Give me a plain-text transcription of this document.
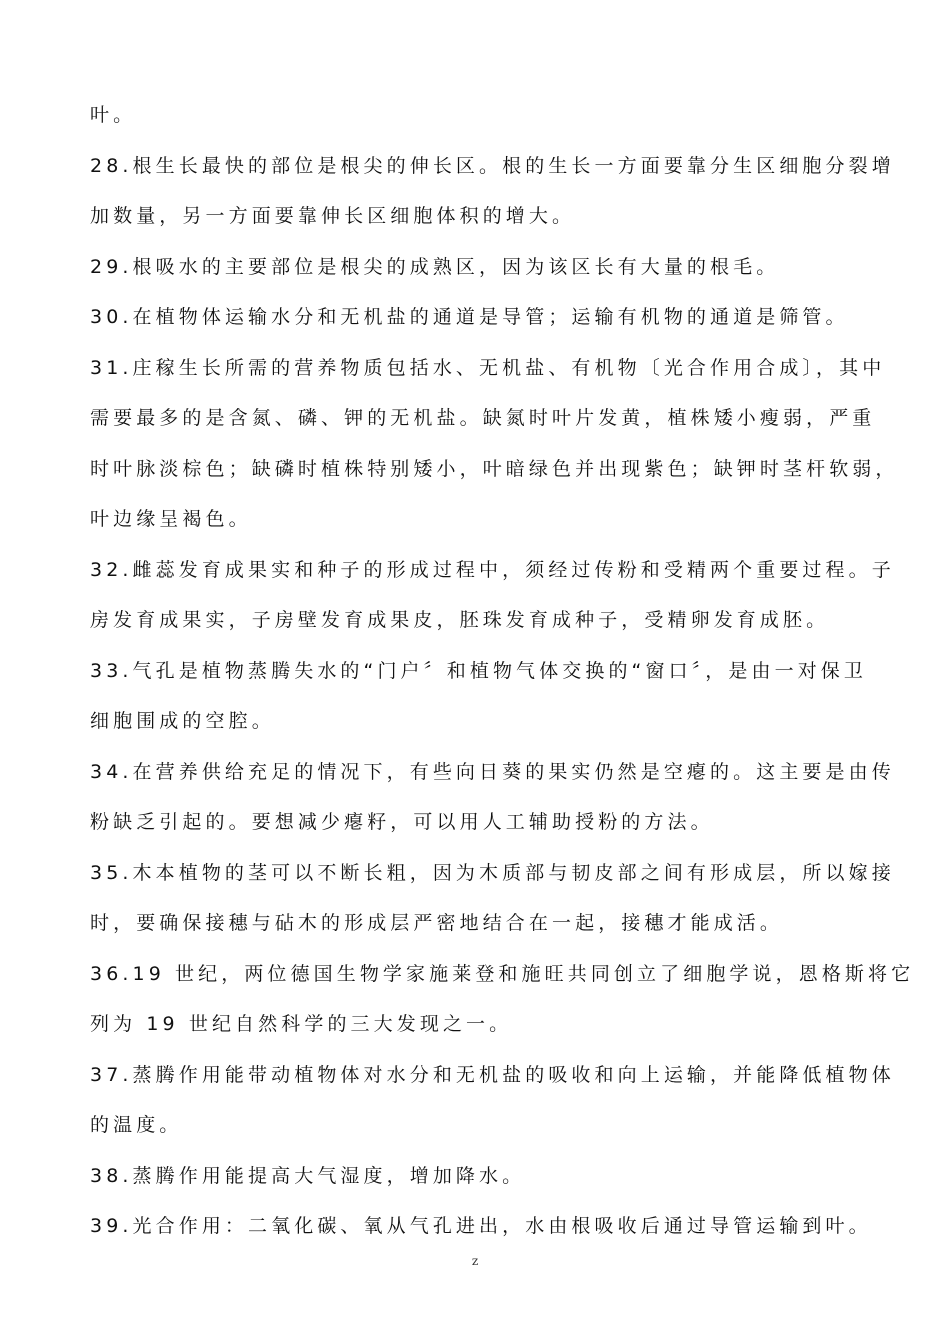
叶。
28.根生长最快的部位是根尖的伸长区。根的生长一方面要靠分生区细胞分裂增
加数量，另一方面要靠伸长区细胞体积的增大。
29.根吸水的主要部位是根尖的成熟区，因为该区长有大量的根毛。
30.在植物体运输水分和无机盐的通道是导管；运输有机物的通道是筛管。
31.庄稼生长所需的营养物质包括水、无机盐、有机物〔光合作用合成〕，其中
需要最多的是含氮、磷、钾的无机盐。缺氮时叶片发黄，植株矮小瘦弱，严重
时叶脉淡棕色；缺磷时植株特别矮小，叶暗绿色并出现紫色；缺钾时茎杆软弱，
叶边缘呈褐色。
32.雌蕊发育成果实和种子的形成过程中，须经过传粉和受精两个重要过程。子
房发育成果实，子房壁发育成果皮，胚珠发育成种子，受精卵发育成胚。
33.气孔是植物蒸腾失水的“门户〞和植物气体交换的“窗口〞，是由一对保卫
细胞围成的空腔。
34.在营养供给充足的情况下，有些向日葵的果实仍然是空瘪的。这主要是由传
粉缺乏引起的。要想减少瘪籽，可以用人工辅助授粉的方法。
35.木本植物的茎可以不断长粗，因为木质部与韧皮部之间有形成层，所以嫁接
时，要确保接穗与砧木的形成层严密地结合在一起，接穗才能成活。
36.19 世纪，两位德国生物学家施莱登和施旺共同创立了细胞学说，恩格斯将它
列为 19 世纪自然科学的三大发现之一。
37.蒸腾作用能带动植物体对水分和无机盐的吸收和向上运输，并能降低植物体
的温度。
38.蒸腾作用能提高大气湿度，增加降水。
39.光合作用：二氧化碳、氧从气孔进出，水由根吸收后通过导管运输到叶。
z
